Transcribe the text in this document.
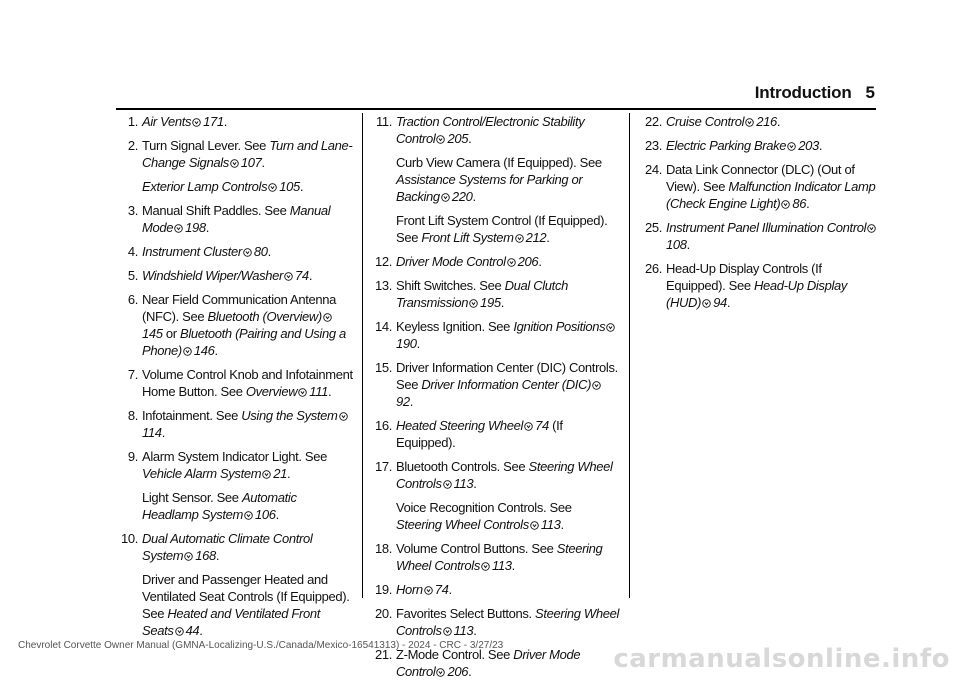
Introduction 5
1. Air Vents 171.
2. Turn Signal Lever. See Turn and Lane-Change Signals 107.
Exterior Lamp Controls 105.
3. Manual Shift Paddles. See Manual Mode 198.
4. Instrument Cluster 80.
5. Windshield Wiper/Washer 74.
6. Near Field Communication Antenna (NFC). See Bluetooth (Overview)145 or Bluetooth (Pairing and Using a Phone) 146.
7. Volume Control Knob and Infotainment Home Button. See Overview 111.
8. Infotainment. See Using the System114.
9. Alarm System Indicator Light. See Vehicle Alarm System 21.
Light Sensor. See Automatic Headlamp System 106.
10. Dual Automatic Climate Control System 168.
Driver and Passenger Heated and Ventilated Seat Controls (If Equipped). See Heated and Ventilated Front Seats 44.
11. Traction Control/Electronic Stability Control 205.
Curb View Camera (If Equipped). See Assistance Systems for Parking or Backing 220.
Front Lift System Control (If Equipped). See Front Lift System 212.
12. Driver Mode Control 206.
13. Shift Switches. See Dual Clutch Transmission 195.
14. Keyless Ignition. See Ignition Positions190.
15. Driver Information Center (DIC) Controls. See Driver Information Center (DIC)92.
16. Heated Steering Wheel 74 (If Equipped).
17. Bluetooth Controls. See Steering Wheel Controls 113.
Voice Recognition Controls. See Steering Wheel Controls 113.
18. Volume Control Buttons. See Steering Wheel Controls 113.
19. Horn 74.
20. Favorites Select Buttons. Steering Wheel Controls 113.
21. Z-Mode Control. See Driver Mode Control 206.
22. Cruise Control 216.
23. Electric Parking Brake 203.
24. Data Link Connector (DLC) (Out of View). See Malfunction Indicator Lamp (Check Engine Light) 86.
25. Instrument Panel Illumination Control108.
26. Head-Up Display Controls (If Equipped). See Head-Up Display (HUD) 94.
Chevrolet Corvette Owner Manual (GMNA-Localizing-U.S./Canada/Mexico-16541313) - 2024 - CRC - 3/27/23	carmanualsonline.info
